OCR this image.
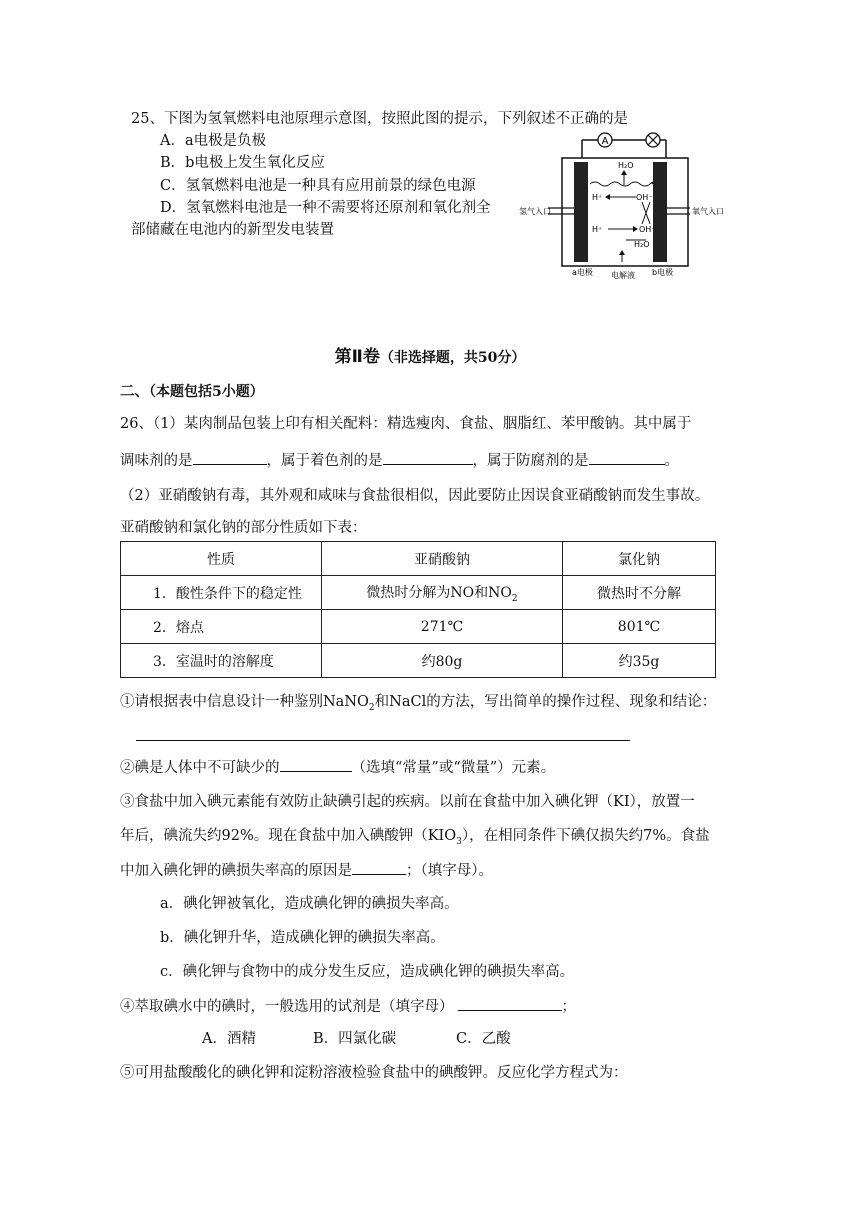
25、下图为氢氧燃料电池原理示意图，按照此图的提示，下列叙述不正确的是
A．a电极是负极
B．b电极上发生氧化反应
C．氢氧燃料电池是一种具有应用前景的绿色电源
D．氢氧燃料电池是一种不需要将还原剂和氧化剂全
部储藏在电池内的新型发电装置
A
氢气入口	氧气入口
H₂O
H⁺	OH⁻
H⁺	OH⁻
H₂O
a电极 电解液 b电极
第Ⅱ卷（非选择题，共50分）
二、（本题包括5小题）
26、（1）某肉制品包装上印有相关配料：精选瘦肉、食盐、胭脂红、苯甲酸钠。其中属于
调味剂的是	，属于着色剂的是	，属于防腐剂的是	。
（2）亚硝酸钠有毒，其外观和咸味与食盐很相似，因此要防止因误食亚硝酸钠而发生事故。
亚硝酸钠和氯化钠的部分性质如下表：
性质	亚硝酸钠	氯化钠
1．酸性条件下的稳定性	微热时分解为NO和$NO_2$	微热时不分解
2．熔点	271℃	801℃
3．室温时的溶解度	约80g	约35g
①请根据表中信息设计一种鉴别NaNO$_2$和NaCl的方法，写出简单的操作过程、现象和结论：
②碘是人体中不可缺少的	（选填“常量”或“微量”）元素。
③食盐中加入碘元素能有效防止缺碘引起的疾病。以前在食盐中加入碘化钾（KI），放置一
年后，碘流失约92%。现在食盐中加入碘酸钾$(KIO_3)$，在相同条件下碘仅损失约7%。食盐
中加入碘化钾的碘损失率高的原因是	；（填字母）。
a．碘化钾被氧化，造成碘化钾的碘损失率高。
b．碘化钾升华，造成碘化钾的碘损失率高。
c．碘化钾与食物中的成分发生反应，造成碘化钾的碘损失率高。
④萃取碘水中的碘时，一般选用的试剂是（填字母）	；
A．酒精	B．四氯化碳	C．乙酸
⑤可用盐酸酸化的碘化钾和淀粉溶液检验食盐中的碘酸钾。反应化学方程式为：
